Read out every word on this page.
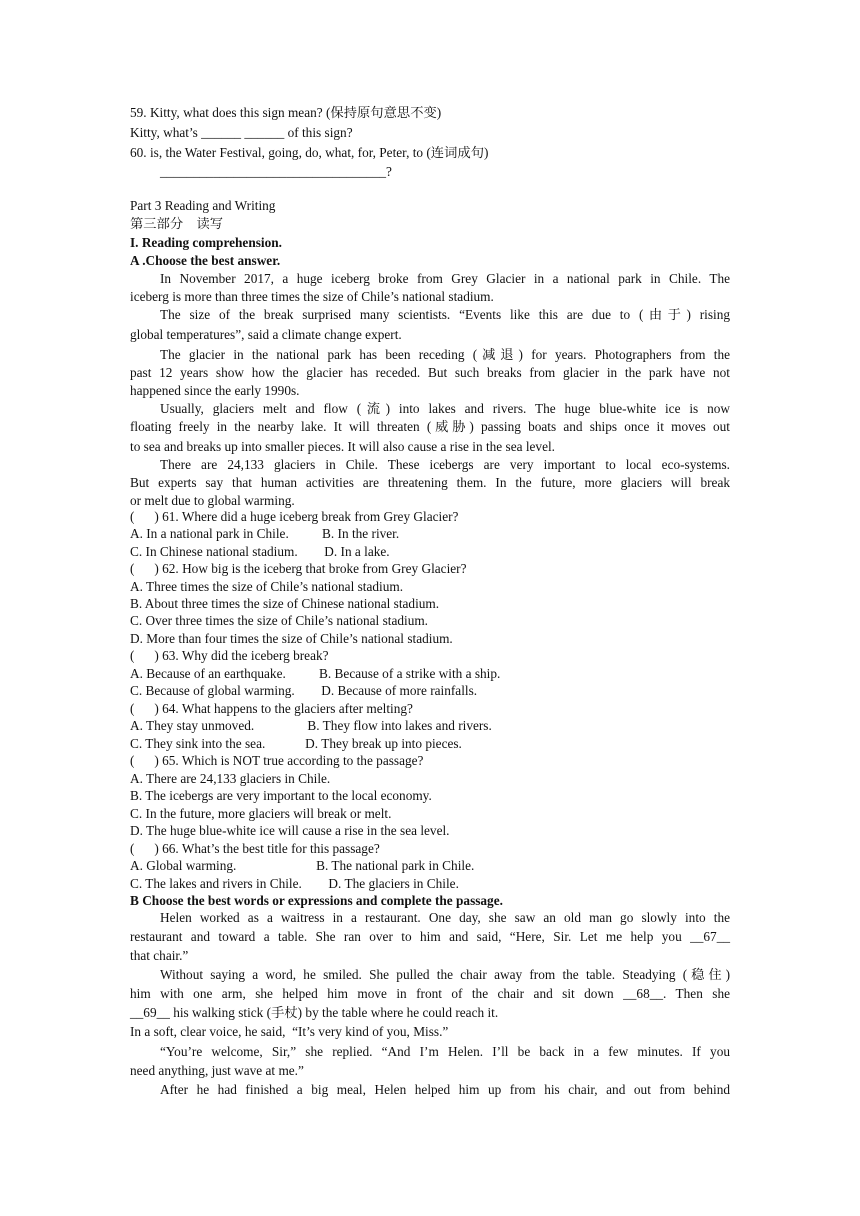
59. Kitty, what does this sign mean? (保持原句意思不变)
Kitty, what’s ______ ______ of this sign?
60. is, the Water Festival, going, do, what, for, Peter, to (连词成句)
__________________________________?
Part 3 Reading and Writing
第三部分    读写
I. Reading comprehension.
A .Choose the best answer.
In November 2017, a huge iceberg broke from Grey Glacier in a national park in Chile. The
iceberg is more than three times the size of Chile’s national stadium.
The size of the break surprised many scientists. “Events like this are due to (由于) rising
global temperatures”, said a climate change expert.
The glacier in the national park has been receding (减退) for years. Photographers from the
past 12 years show how the glacier has receded. But such breaks from glacier in the park have not
happened since the early 1990s.
Usually, glaciers melt and flow (流) into lakes and rivers. The huge blue-white ice is now
floating freely in the nearby lake. It will threaten (威胁) passing boats and ships once it moves out
to sea and breaks up into smaller pieces. It will also cause a rise in the sea level.
There are 24,133 glaciers in Chile. These icebergs are very important to local eco-systems.
But experts say that human activities are threatening them. In the future, more glaciers will break
or melt due to global warming.
(      ) 61. Where did a huge iceberg break from Grey Glacier?
A. In a national park in Chile.          B. In the river.
C. In Chinese national stadium.        D. In a lake.
(      ) 62. How big is the iceberg that broke from Grey Glacier?
A. Three times the size of Chile’s national stadium.
B. About three times the size of Chinese national stadium.
C. Over three times the size of Chile’s national stadium.
D. More than four times the size of Chile’s national stadium.
(      ) 63. Why did the iceberg break?
A. Because of an earthquake.          B. Because of a strike with a ship.
C. Because of global warming.        D. Because of more rainfalls.
(      ) 64. What happens to the glaciers after melting?
A. They stay unmoved.                B. They flow into lakes and rivers.
C. They sink into the sea.            D. They break up into pieces.
(      ) 65. Which is NOT true according to the passage?
A. There are 24,133 glaciers in Chile.
B. The icebergs are very important to the local economy.
C. In the future, more glaciers will break or melt.
D. The huge blue-white ice will cause a rise in the sea level.
(      ) 66. What’s the best title for this passage?
A. Global warming.                        B. The national park in Chile.
C. The lakes and rivers in Chile.        D. The glaciers in Chile.
B Choose the best words or expressions and complete the passage.
Helen worked as a waitress in a restaurant. One day, she saw an old man go slowly into the
restaurant and toward a table. She ran over to him and said, “Here, Sir. Let me help you __67__
that chair.”
Without saying a word, he smiled. She pulled the chair away from the table. Steadying (稳住)
him with one arm, she helped him move in front of the chair and sit down __68__. Then she
__69__ his walking stick (手杖) by the table where he could reach it.
In a soft, clear voice, he said,  “It’s very kind of you, Miss.”
“You’re welcome, Sir,” she replied. “And I’m Helen. I’ll be back in a few minutes. If you
need anything, just wave at me.”
After he had finished a big meal, Helen helped him up from his chair, and out from behind
